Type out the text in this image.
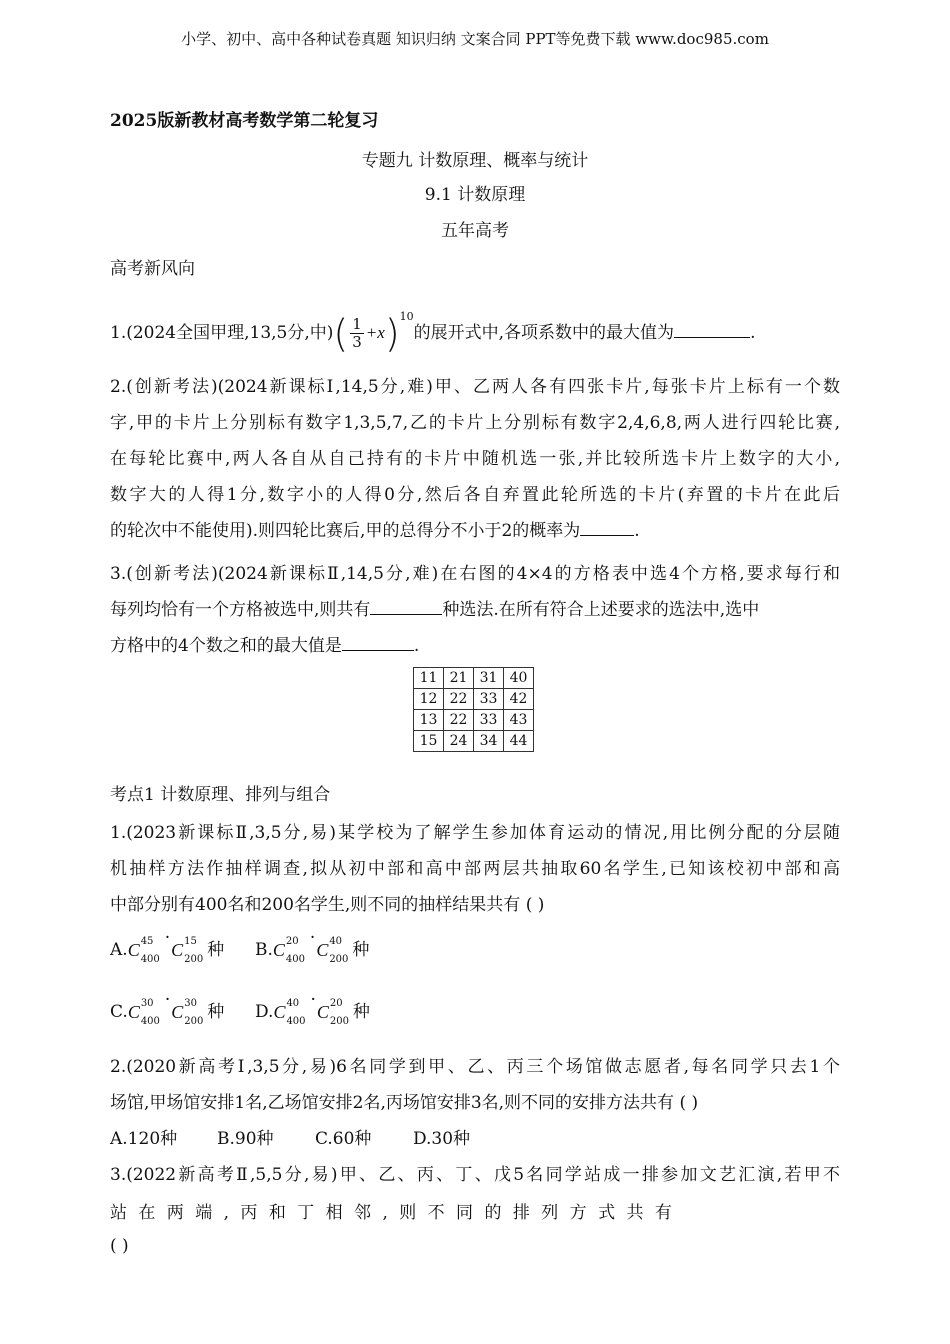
小学、初中、高中各种试卷真题 知识归纳 文案合同 PPT等免费下载 www.doc985.com
2025版新教材高考数学第二轮复习
专题九 计数原理、概率与统计
9.1 计数原理
五年高考
高考新风向
1.(2024全国甲理,13,5分,中)( $\frac{1}{3} +x)^{10}$的展开式中,各项系数中的最大值为	.
2.(创新考法)(2024新课标Ⅰ,14,5分,难)甲、乙两人各有四张卡片,每张卡片上标有一个数
字,甲的卡片上分别标有数字1,3,5,7,乙的卡片上分别标有数字2,4,6,8,两人进行四轮比赛,
在每轮比赛中,两人各自从自己持有的卡片中随机选一张,并比较所选卡片上数字的大小,
数字大的人得1分,数字小的人得0分,然后各自弃置此轮所选的卡片(弃置的卡片在此后
的轮次中不能使用).则四轮比赛后,甲的总得分不小于2的概率为	.
3.(创新考法)(2024新课标Ⅱ,14,5分,难)在右图的4×4的方格表中选4个方格,要求每行和
每列均恰有一个方格被选中,则共有	种选法.在所有符合上述要求的选法中,选中
方格中的4个数之和的最大值是	.
11	21	31	40
12	22	33	42
13	22	33	43
15	24	34	44
考点1 计数原理、排列与组合
1.(2023新课标Ⅱ,3,5分,易)某学校为了解学生参加体育运动的情况,用比例分配的分层随
机抽样方法作抽样调查,拟从初中部和高中部两层共抽取60名学生,已知该校初中部和高
中部分别有400名和200名学生,则不同的抽样结果共有 ( )
A. C 45
400
·
C 15
200 种 B. C 20
400
·
C 40
200 种
C. C 30
400
·
C 30
200 种 D. C 40
400
·
C 20
200 种
2.(2020新高考Ⅰ,3,5分,易)6名同学到甲、乙、丙三个场馆做志愿者,每名同学只去1个
场馆,甲场馆安排1名,乙场馆安排2名,丙场馆安排3名,则不同的安排方法共有 ( )
A.120种 B.90种 C.60种 D.30种
3.(2022新高考Ⅱ,5,5分,易)甲、乙、丙、丁、戊5名同学站成一排参加文艺汇演,若甲不
站 在 两 端 , 丙 和 丁 相 邻 , 则 不 同 的 排 列 方 式 共 有
( )
